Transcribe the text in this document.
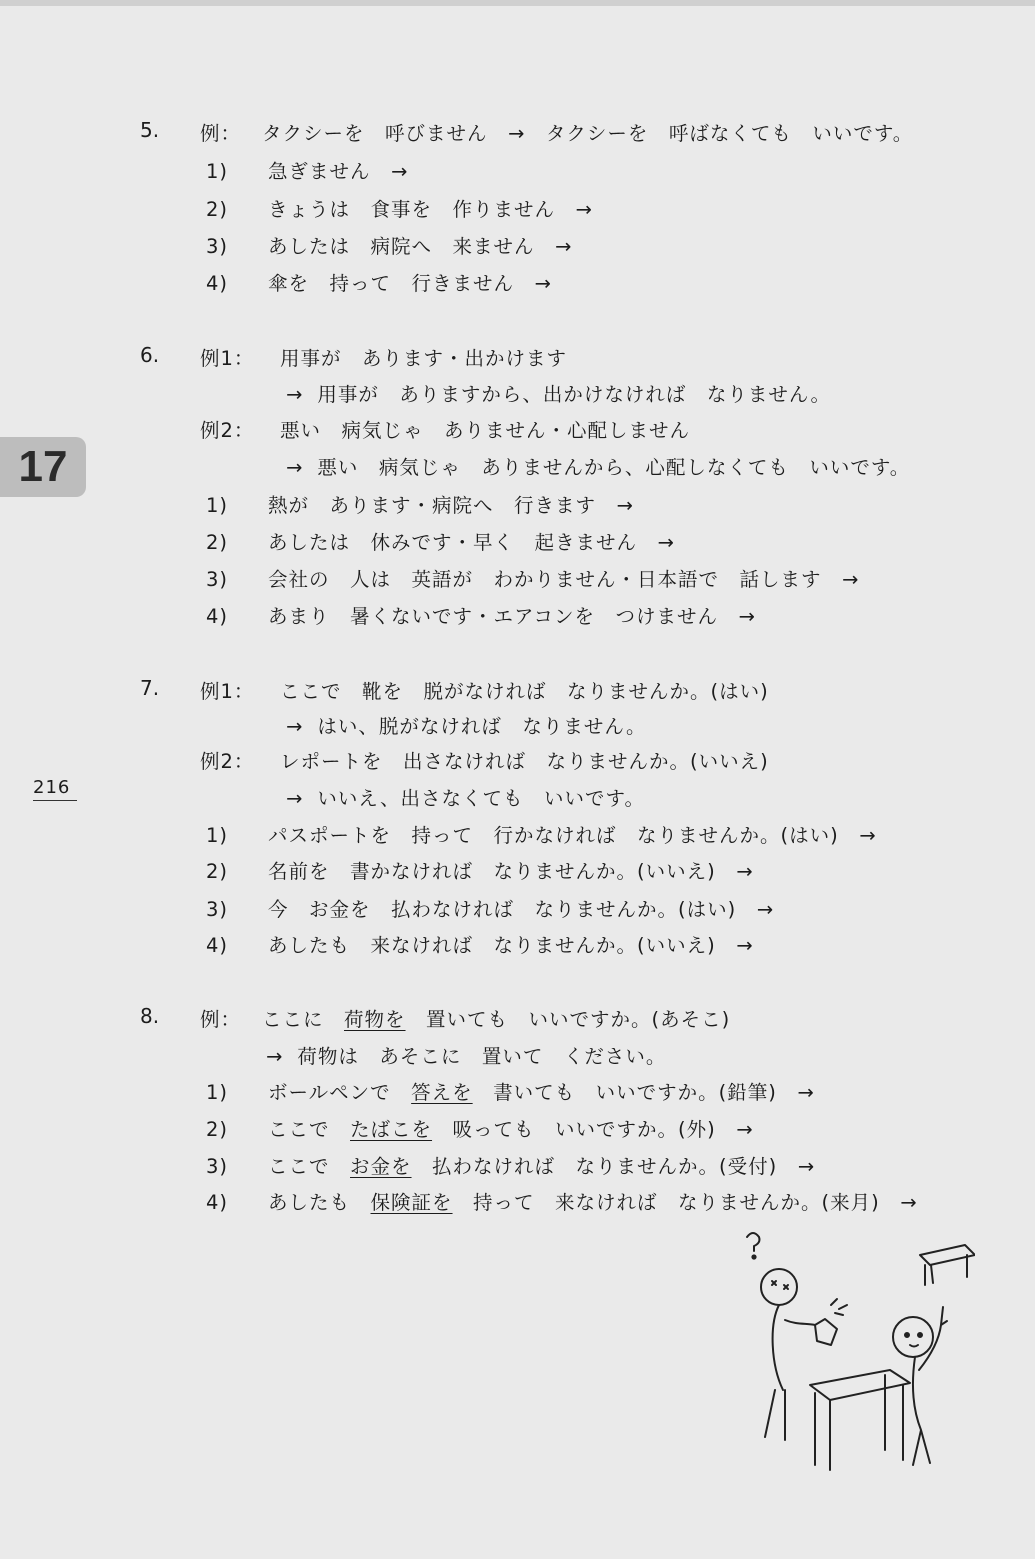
17
216
5. 例： タクシーを　呼びません　→　タクシーを　呼ばなくても　いいです。
1) 急ぎません　→
2) きょうは　食事を　作りません　→
3) あしたは　病院へ　来ません　→
4) 傘を　持って　行きません　→
6. 例1： 用事が　あります・出かけます
→ 用事が　ありますから、出かけなければ　なりません。
例2： 悪い　病気じゃ　ありません・心配しません
→ 悪い　病気じゃ　ありませんから、心配しなくても　いいです。
1) 熱が　あります・病院へ　行きます　→
2) あしたは　休みです・早く　起きません　→
3) 会社の　人は　英語が　わかりません・日本語で　話します　→
4) あまり　暑くないです・エアコンを　つけません　→
7. 例1： ここで　靴を　脱がなければ　なりませんか。(はい)
→ はい、脱がなければ　なりません。
例2： レポートを　出さなければ　なりませんか。(いいえ)
→ いいえ、出さなくても　いいです。
1) パスポートを　持って　行かなければ　なりませんか。(はい)　→
2) 名前を　書かなければ　なりませんか。(いいえ)　→
3) 今　お金を　払わなければ　なりませんか。(はい)　→
4) あしたも　来なければ　なりませんか。(いいえ)　→
8. 例： ここに　荷物を　置いても　いいですか。(あそこ)
→ 荷物は　あそこに　置いて　ください。
1) ボールペンで　答えを　書いても　いいですか。(鉛筆)　→
2) ここで　たばこを　吸っても　いいですか。(外)　→
3) ここで　お金を　払わなければ　なりませんか。(受付)　→
4) あしたも　保険証を　持って　来なければ　なりませんか。(来月)　→
